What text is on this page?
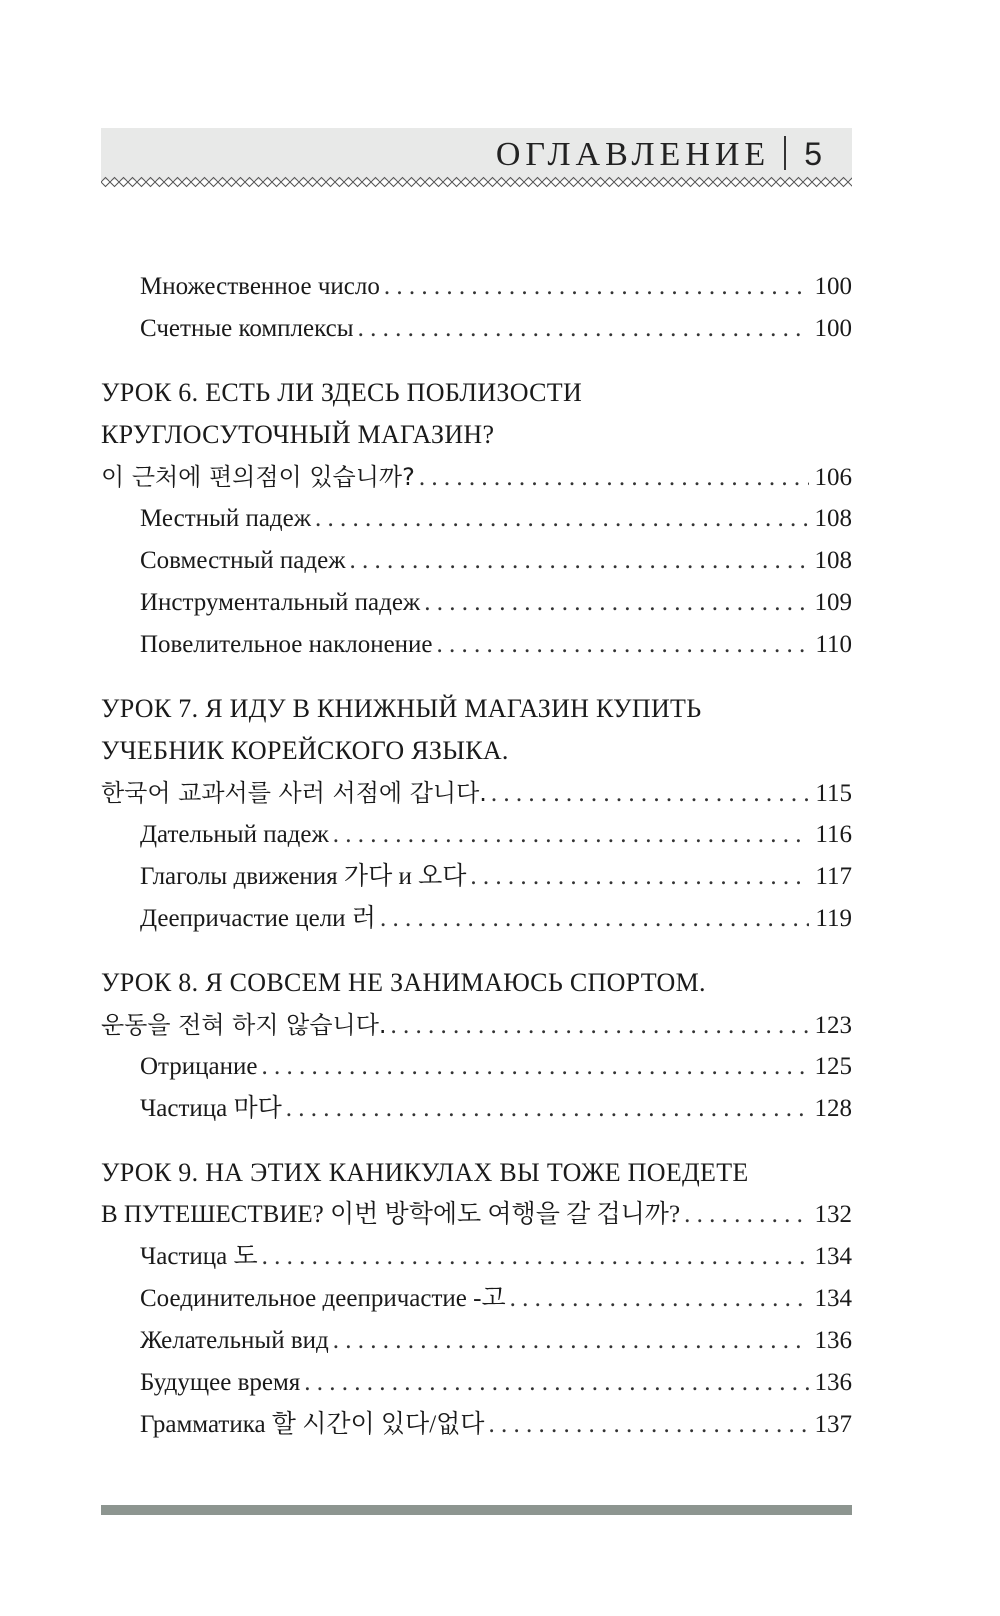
ОГЛАВЛЕНИЕ 5
Множественное число . . .	100
Счетные комплексы . . .	100
УРОК 6. ЕСТЬ ЛИ ЗДЕСЬ ПОБЛИЗОСТИ
КРУГЛОСУТОЧНЫЙ МАГАЗИН?
이 근처에 편의점이 있습니까? . . .	106
Местный падеж . . .	108
Совместный падеж . . .	108
Инструментальный падеж . . .	109
Повелительное наклонение . . .	110
УРОК 7. Я ИДУ В КНИЖНЫЙ МАГАЗИН КУПИТЬ
УЧЕБНИК КОРЕЙСКОГО ЯЗЫКА.
한국어 교과서를 사러 서점에 갑니다. . . .	115
Дательный падеж . . .	116
Глаголы движения 가다 и 오다 . . .	117
Деепричастие цели 러 . . .	119
УРОК 8. Я СОВСЕМ НЕ ЗАНИМАЮСЬ СПОРТОМ.
운동을 전혀 하지 않습니다. . . .	123
Отрицание . . .	125
Частица 마다 . . .	128
УРОК 9. НА ЭТИХ КАНИКУЛАХ ВЫ ТОЖЕ ПОЕДЕТЕ
В ПУТЕШЕСТВИЕ? 이번 방학에도 여행을 갈 겁니까? . . .	132
Частица 도 . . .	134
Соединительное деепричастие -고 . . .	134
Желательный вид . . .	136
Будущее время . . .	136
Грамматика 할 시간이 있다/없다 . . .	137
